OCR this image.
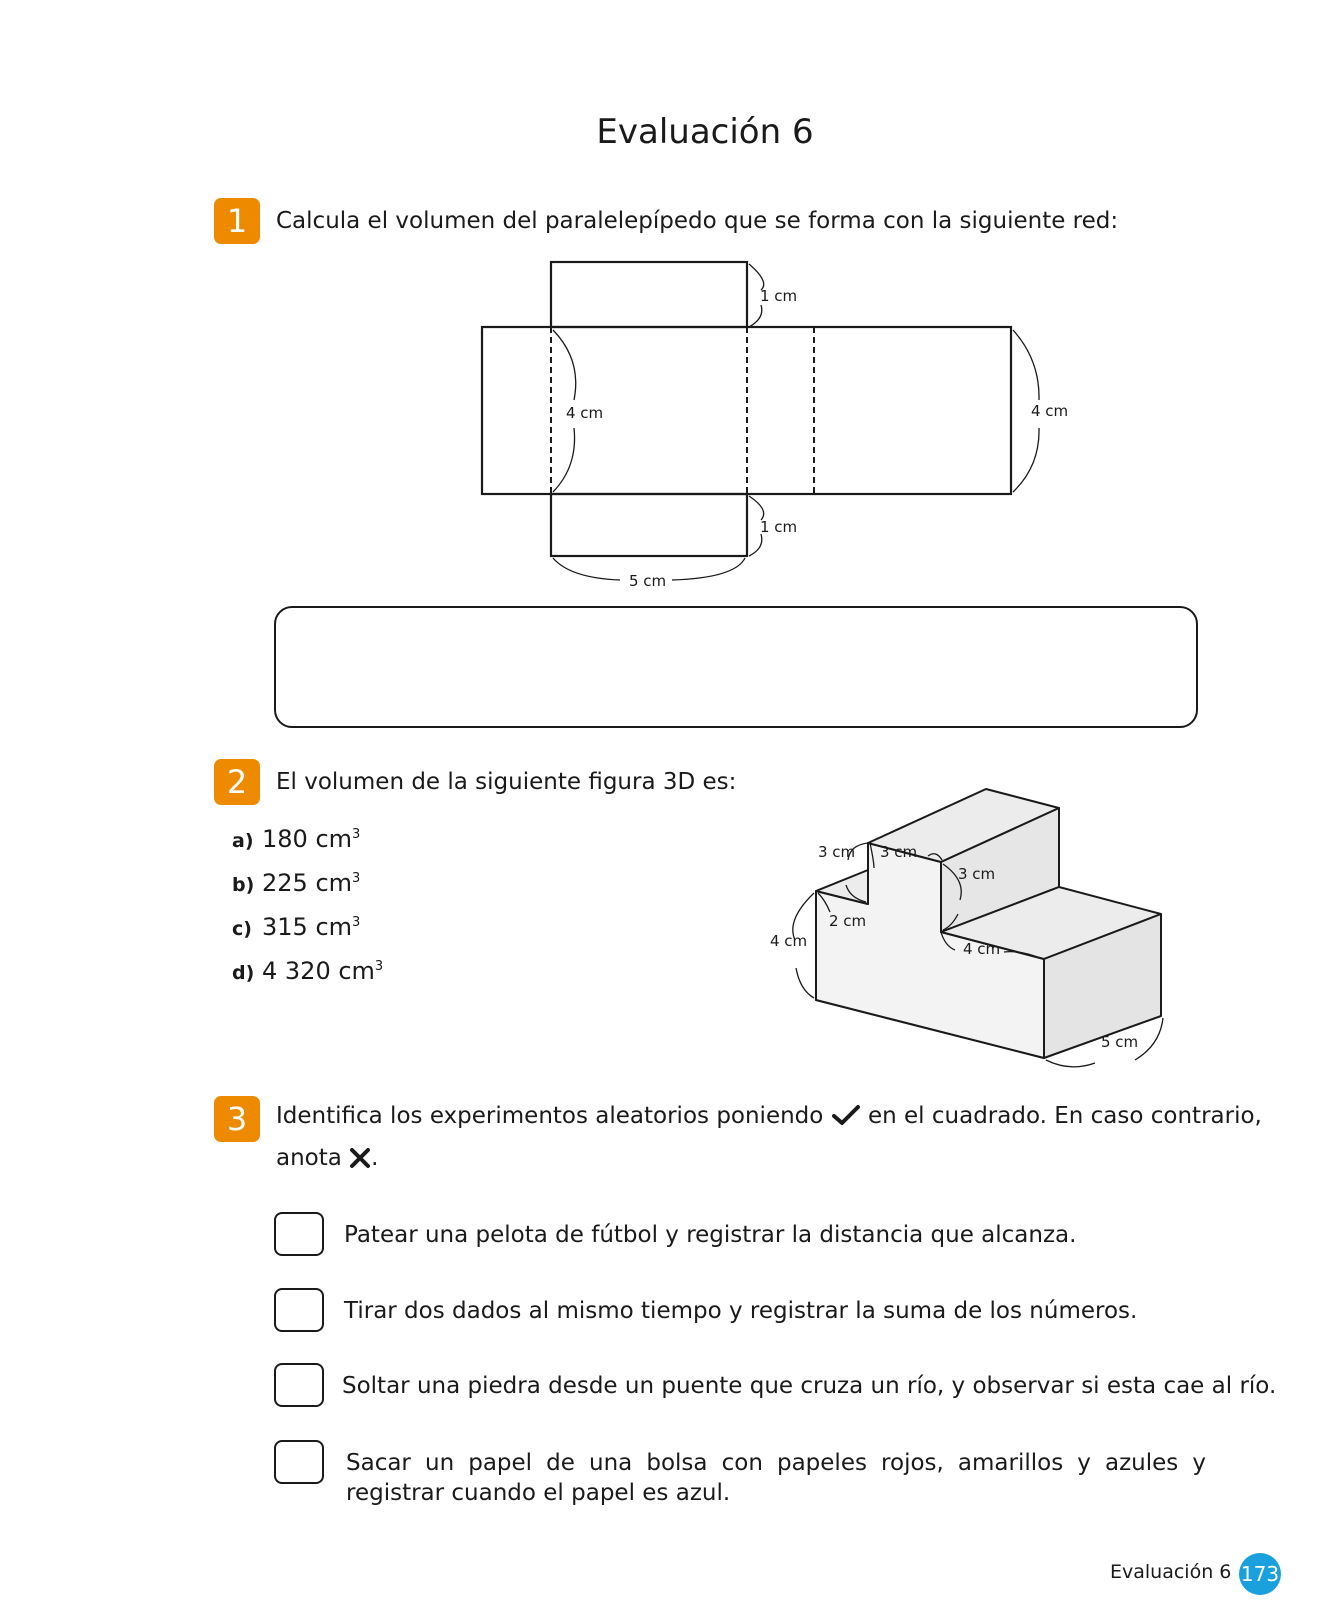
Evaluación 6
1	Calcula el volumen del paralelepípedo que se forma con la siguiente red:
1 cm
4 cm	4 cm
1 cm
5 cm
2	El volumen de la siguiente figura 3D es:
a) 180 $cm^3$
b) 225 $cm^3$
c) 315 $cm^3$
d) 4 320 $cm^3$
3 cm 3 cm
3 cm
2 cm
4 cm	4 cm
5 cm
3	Identifica los experimentos aleatorios poniendo en el cuadrado. En caso contrario,
anota .
Patear una pelota de fútbol y registrar la distancia que alcanza.
Tirar dos dados al mismo tiempo y registrar la suma de los números.
Soltar una piedra desde un puente que cruza un río, y observar si esta cae al río.
Sacar un papel de una bolsa con papeles rojos, amarillos y azules y registrar cuando el papel es azul.
Evaluación 6 173
